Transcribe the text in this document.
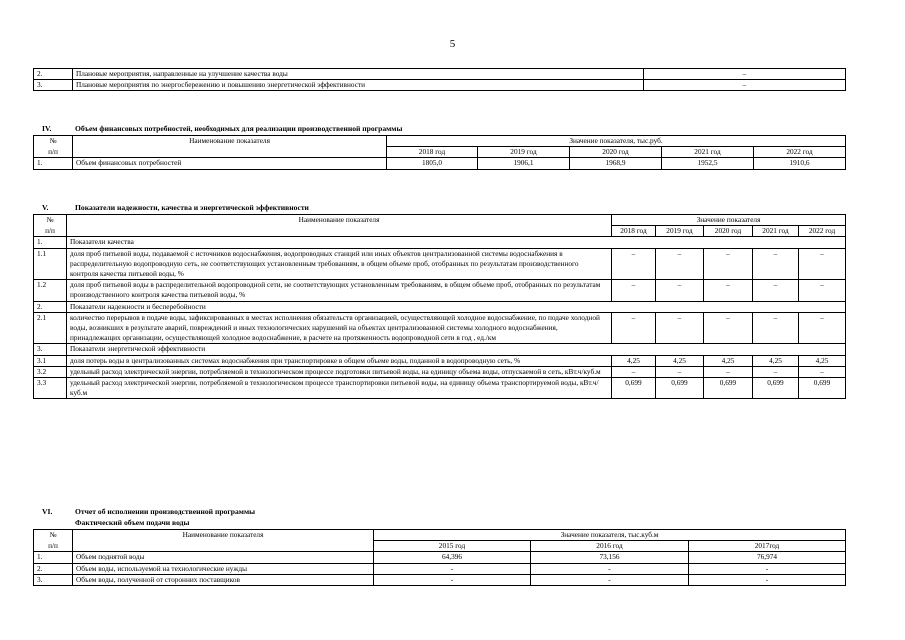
5
2.	Плановые мероприятия, направленные на улучшение качества воды	–
3.	Плановые мероприятия по энергосбережению и повышению энергетической эффективности	–
IV.	Объем финансовых потребностей, необходимых для реализации производственной программы
№	Наименование показателя	Значение показателя, тыс.руб.				
п/п		2018 год	2019 год	2020 год	2021 год	2022 год
1.	Объем финансовых потребностей	1805,0	1906,1	1968,9	1952,5	1910,6
V.	Показатели надежности, качества и энергетической эффективности
№	Наименование показателя	Значение показателя				
п/п		2018 год	2019 год	2020 год	2021 год	2022 год
1.	Показатели качества					
1.1	доля проб питьевой воды, подаваемой с источников водоснабжения, водопроводных станций или иных объектов централизованной системы водоснабжения в распределительную водопроводную сеть, не соответствующих установленным требованиям, в общем объеме проб, отобранных по результатам производственного контроля качества питьевой воды, %	–	–	–	–	–
1.2	доля проб питьевой воды в распределительной водопроводной сети, не соответствующих установленным требованиям, в общем объеме проб, отобранных по результатам производственного контроля качества питьевой воды, %	–	–	–	–	–
2.	Показатели надежности и бесперебойности					
2.1	количество перерывов в подаче воды, зафиксированных в местах исполнения обязательств организацией, осуществляющей холодное водоснабжение, по подаче холодной воды, возникших в результате аварий, повреждений и иных технологических нарушений на объектах централизованной системы холодного водоснабжения, принадлежащих организации, осуществляющей холодное водоснабжение, в расчете на протяженность водопроводной сети в год , ед./км	–	–	–	–	–
3.	Показатели энергетической эффективности					
3.1	доля потерь воды в централизованных системах водоснабжения при транспортировке в общем объеме воды, поданной в водопроводную сеть, %	4,25	4,25	4,25	4,25	4,25
3.2	удельный расход электрической энергии, потребляемой в технологическом процессе подготовки питьевой воды, на единицу объема воды, отпускаемой в сеть, кВт.ч/куб.м	–	–	–	–	–
3.3	удельный расход электрической энергии, потребляемой в технологическом процессе транспортировки питьевой воды, на единицу объема транспортируемой воды, кВт.ч/куб.м	0,699	0,699	0,699	0,699	0,699
VI.	Отчет об исполнении производственной программы
Фактический объем подачи воды
№	Наименование показателя	Значение показателя, тыс.куб.м		
п/п		2015 год	2016 год	2017год
1.	Объем поднятой воды	64,396	73,156	76,974
2.	Объем воды, используемой на технологические нужды	-	-	-
3.	Объем воды, полученной от сторонних поставщиков	-	-	-
